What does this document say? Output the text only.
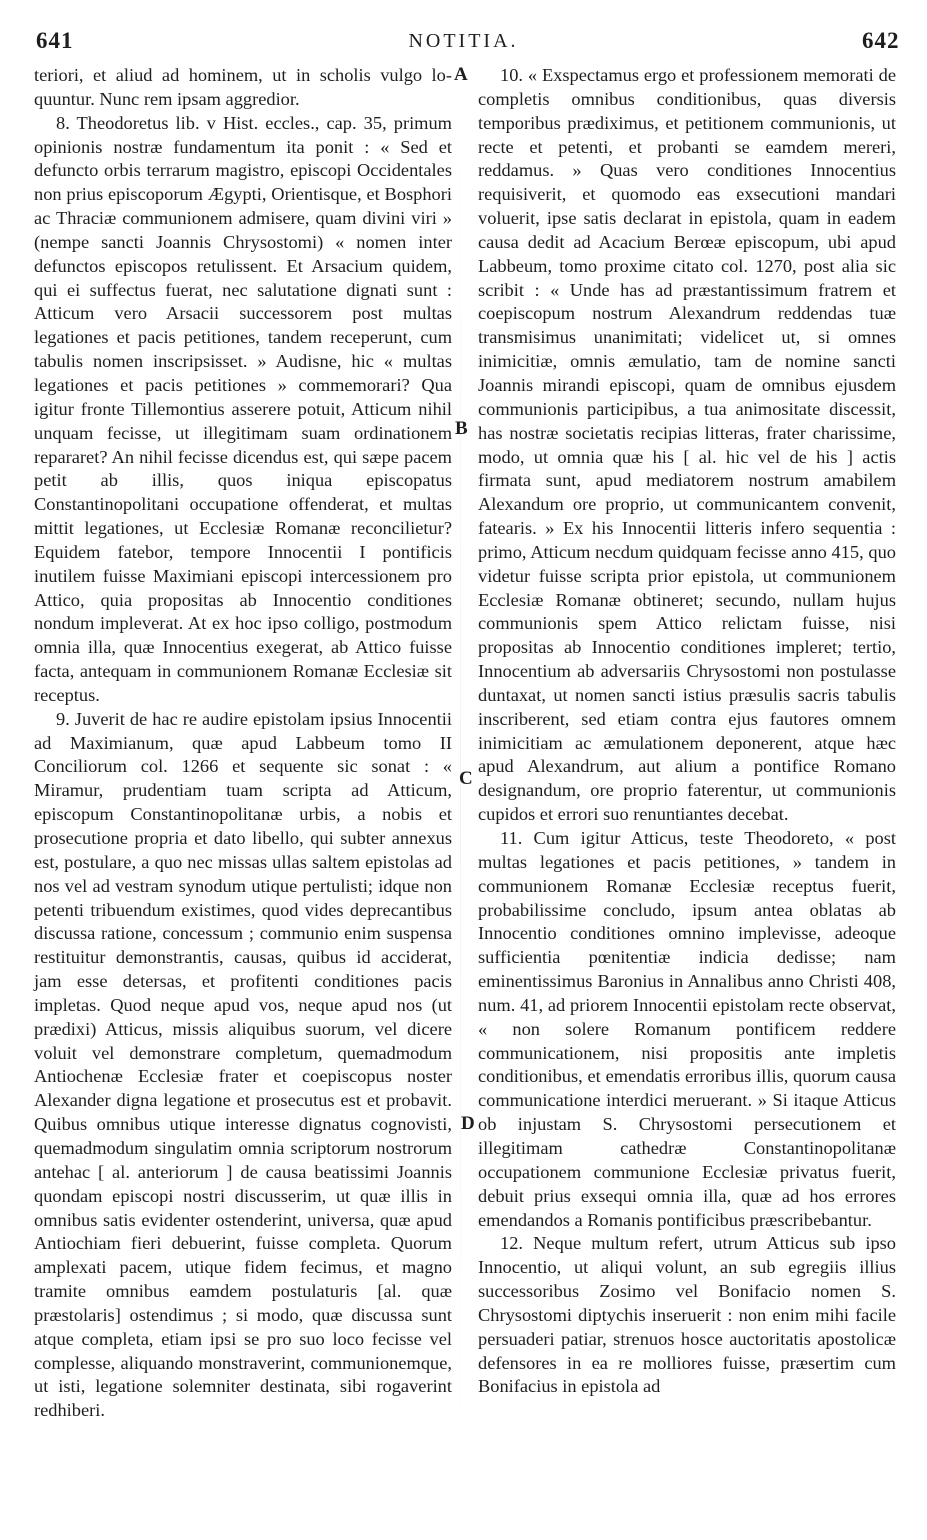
641	NOTITIA.	642
A
B
C
D

teriori, et aliud ad hominem, ut in scholis vulgo lo- quuntur. Nunc rem ipsam aggredior.

8. Theodoretus lib. v Hist. eccles., cap. 35, primum opinionis nostræ fundamentum ita ponit : « Sed et defuncto orbis terrarum magistro, episcopi Occidentales non prius episcoporum Ægypti, Orientisque, et Bosphori ac Thraciæ communionem admisere, quam divini viri » (nempe sancti Joannis Chrysostomi) « nomen inter defunctos episcopos retulissent. Et Arsacium quidem, qui ei suffectus fuerat, nec salutatione dignati sunt : Atticum vero Arsacii successorem post multas legationes et pacis petitiones, tandem receperunt, cum tabulis nomen inscripsisset. » Audisne, hic « multas legationes et pacis petitiones » commemorari? Qua igitur fronte Tillemontius asserere potuit, Atticum nihil unquam fecisse, ut illegitimam suam ordinationem repararet? An nihil fecisse dicendus est, qui sæpe pacem petit ab illis, quos iniqua episcopatus Constantinopolitani occupatione offenderat, et multas mittit legationes, ut Ecclesiæ Romanæ reconcilietur? Equidem fatebor, tempore Innocentii I pontificis inutilem fuisse Maximiani episcopi intercessionem pro Attico, quia propositas ab Innocentio conditiones nondum impleverat. At ex hoc ipso colligo, postmodum omnia illa, quæ Innocentius exegerat, ab Attico fuisse facta, antequam in communionem Romanæ Ecclesiæ sit receptus.

9. Juverit de hac re audire epistolam ipsius Innocentii ad Maximianum, quæ apud Labbeum tomo II Conciliorum col. 1266 et sequente sic sonat : « Miramur, prudentiam tuam scripta ad Atticum, episcopum Constantinopolitanæ urbis, a nobis et prosecutione propria et dato libello, qui subter annexus est, postulare, a quo nec missas ullas saltem epistolas ad nos vel ad vestram synodum utique pertulisti; idque non petenti tribuendum existimes, quod vides deprecantibus discussa ratione, concessum ; communio enim suspensa restituitur demonstrantis, causas, quibus id acciderat, jam esse detersas, et profitenti conditiones pacis impletas. Quod neque apud vos, neque apud nos (ut prædixi) Atticus, missis aliquibus suorum, vel dicere voluit vel demonstrare completum, quemadmodum Antiochenæ Ecclesiæ frater et coepiscopus noster Alexander digna legatione et prosecutus est et probavit. Quibus omnibus utique interesse dignatus cognovisti, quemadmodum singulatim omnia scriptorum nostrorum antehac [ al. anteriorum ] de causa beatissimi Joannis quondam episcopi nostri discusserim, ut quæ illis in omnibus satis evidenter ostenderint, universa, quæ apud Antiochiam fieri debuerint, fuisse completa. Quorum amplexati pacem, utique fidem fecimus, et magno tramite omnibus eamdem postulaturis [al. quæ præstolaris] ostendimus ; si modo, quæ discussa sunt atque completa, etiam ipsi se pro suo loco fecisse vel complesse, aliquando monstraverint, communionemque, ut isti, legatione solemniter destinata, sibi rogaverint redhiberi.

10. « Exspectamus ergo et professionem memorati de completis omnibus conditionibus, quas diversis temporibus prædiximus, et petitionem communionis, ut recte et petenti, et probanti se eamdem mereri, reddamus. » Quas vero conditiones Innocentius requisiverit, et quomodo eas exsecutioni mandari voluerit, ipse satis declarat in epistola, quam in eadem causa dedit ad Acacium Berœæ episcopum, ubi apud Labbeum, tomo proxime citato col. 1270, post alia sic scribit : « Unde has ad præstantissimum fratrem et coepiscopum nostrum Alexandrum reddendas tuæ transmisimus unanimitati; videlicet ut, si omnes inimicitiæ, omnis æmulatio, tam de nomine sancti Joannis mirandi episcopi, quam de omnibus ejusdem communionis participibus, a tua animositate discessit, has nostræ societatis recipias litteras, frater charissime, modo, ut omnia quæ his [ al. hic vel de his ] actis firmata sunt, apud mediatorem nostrum amabilem Alexandum ore proprio, ut communicantem convenit, fatearis. » Ex his Innocentii litteris infero sequentia : primo, Atticum necdum quidquam fecisse anno 415, quo videtur fuisse scripta prior epistola, ut communionem Ecclesiæ Romanæ obtineret; secundo, nullam hujus communionis spem Attico relictam fuisse, nisi propositas ab Innocentio conditiones impleret; tertio, Innocentium ab adversariis Chrysostomi non postulasse duntaxat, ut nomen sancti istius præsulis sacris tabulis inscriberent, sed etiam contra ejus fautores omnem inimicitiam ac æmulationem deponerent, atque hæc apud Alexandrum, aut alium a pontifice Romano designandum, ore proprio faterentur, ut communionis cupidos et errori suo renuntiantes decebat.

11. Cum igitur Atticus, teste Theodoreto, « post multas legationes et pacis petitiones, » tandem in communionem Romanæ Ecclesiæ receptus fuerit, probabilissime concludo, ipsum antea oblatas ab Innocentio conditiones omnino implevisse, adeoque sufficientia pœnitentiæ indicia dedisse; nam eminentissimus Baronius in Annalibus anno Christi 408, num. 41, ad priorem Innocentii epistolam recte observat, « non solere Romanum pontificem reddere communicationem, nisi propositis ante impletis conditionibus, et emendatis erroribus illis, quorum causa communicatione interdici meruerant. » Si itaque Atticus ob injustam S. Chrysostomi persecutionem et illegitimam cathedræ Constantinopolitanæ occupationem communione Ecclesiæ privatus fuerit, debuit prius exsequi omnia illa, quæ ad hos errores emendandos a Romanis pontificibus præscribebantur.

12. Neque multum refert, utrum Atticus sub ipso Innocentio, ut aliqui volunt, an sub egregiis illius successoribus Zosimo vel Bonifacio nomen S. Chrysostomi diptychis inseruerit : non enim mihi facile persuaderi patiar, strenuos hosce auctoritatis apostolicæ defensores in ea re molliores fuisse, præsertim cum Bonifacius in epistola ad
